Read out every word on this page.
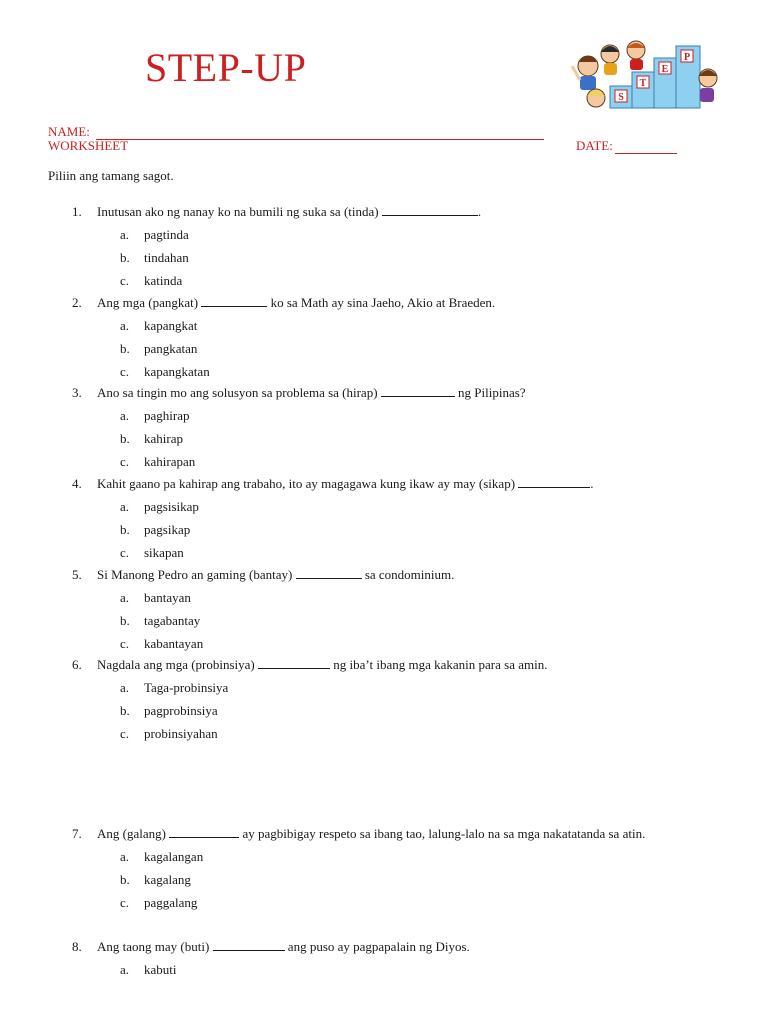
STEP-UP
S
T
E
P
NAME:
WORKSHEET	DATE:
Piliin ang tamang sagot.
1.	Inutusan ako ng nanay ko na bumili ng suka sa (tinda)	.
a. pagtinda
b. tindahan
c. katinda
2.	Ang mga (pangkat)	ko sa Math ay sina Jaeho, Akio at Braeden.
a. kapangkat
b. pangkatan
c. kapangkatan
3.	Ano sa tingin mo ang solusyon sa problema sa (hirap)	ng Pilipinas?
a. paghirap
b. kahirap
c. kahirapan
4.	Kahit gaano pa kahirap ang trabaho, ito ay magagawa kung ikaw ay may (sikap)	.
a. pagsisikap
b. pagsikap
c. sikapan
5.	Si Manong Pedro an gaming (bantay)	sa condominium.
a. bantayan
b. tagabantay
c. kabantayan
6.	Nagdala ang mga (probinsiya)	ng iba’t ibang mga kakanin para sa amin.
a. Taga-probinsiya
b. pagprobinsiya
c. probinsiyahan
7.	Ang (galang)	ay pagbibigay respeto sa ibang tao, lalung-lalo na sa mga nakatatanda sa atin.
a. kagalangan
b. kagalang
c. paggalang
8.	Ang taong may (buti)	ang puso ay pagpapalain ng Diyos.
a. kabuti
